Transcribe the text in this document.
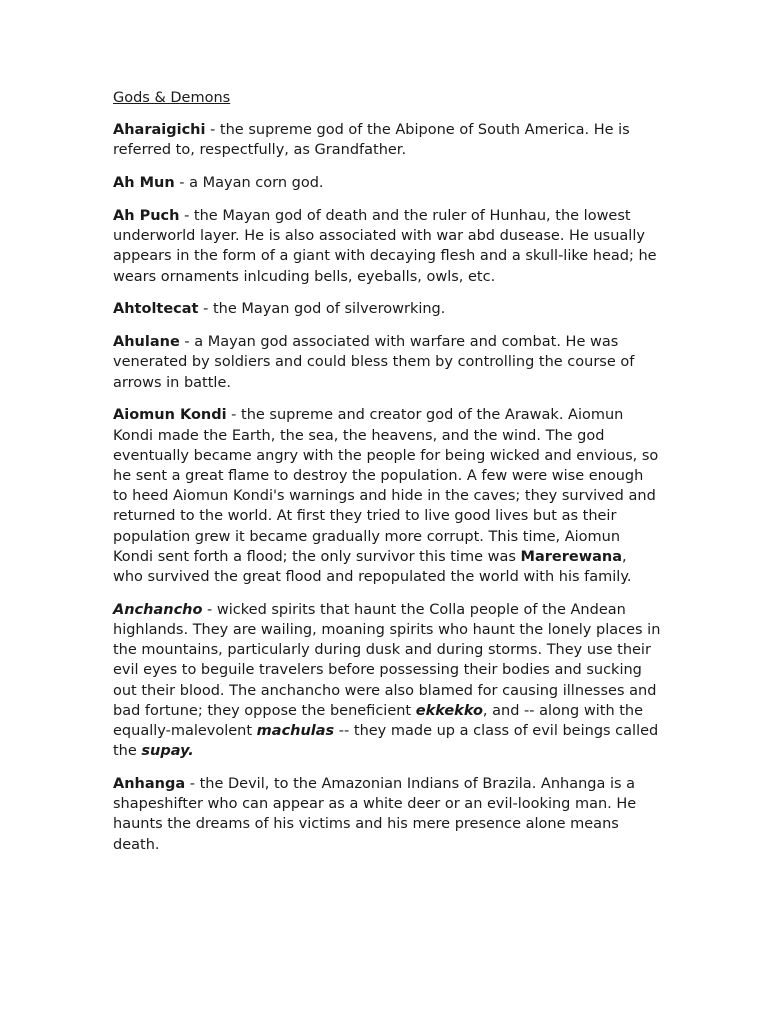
Gods & Demons

Aharaigichi - the supreme god of the Abipone of South America. He is referred to, respectfully, as Grandfather.

Ah Mun - a Mayan corn god.

Ah Puch - the Mayan god of death and the ruler of Hunhau, the lowest underworld layer. He is also associated with war abd dusease. He usually appears in the form of a giant with decaying flesh and a skull-like head; he wears ornaments inlcuding bells, eyeballs, owls, etc.

Ahtoltecat - the Mayan god of silverowrking.

Ahulane - a Mayan god associated with warfare and combat. He was venerated by soldiers and could bless them by controlling the course of arrows in battle.

Aiomun Kondi - the supreme and creator god of the Arawak. Aiomun Kondi made the Earth, the sea, the heavens, and the wind. The god eventually became angry with the people for being wicked and envious, so he sent a great flame to destroy the population. A few were wise enough to heed Aiomun Kondi's warnings and hide in the caves; they survived and returned to the world. At first they tried to live good lives but as their population grew it became gradually more corrupt. This time, Aiomun Kondi sent forth a flood; the only survivor this time was Marerewana, who survived the great flood and repopulated the world with his family.

Anchancho - wicked spirits that haunt the Colla people of the Andean highlands. They are wailing, moaning spirits who haunt the lonely places in the mountains, particularly during dusk and during storms. They use their evil eyes to beguile travelers before possessing their bodies and sucking out their blood. The anchancho were also blamed for causing illnesses and bad fortune; they oppose the beneficient ekkekko, and -- along with the equally-malevolent machulas -- they made up a class of evil beings called the supay.

Anhanga - the Devil, to the Amazonian Indians of Brazila. Anhanga is a shapeshifter who can appear as a white deer or an evil-looking man. He haunts the dreams of his victims and his mere presence alone means death.
